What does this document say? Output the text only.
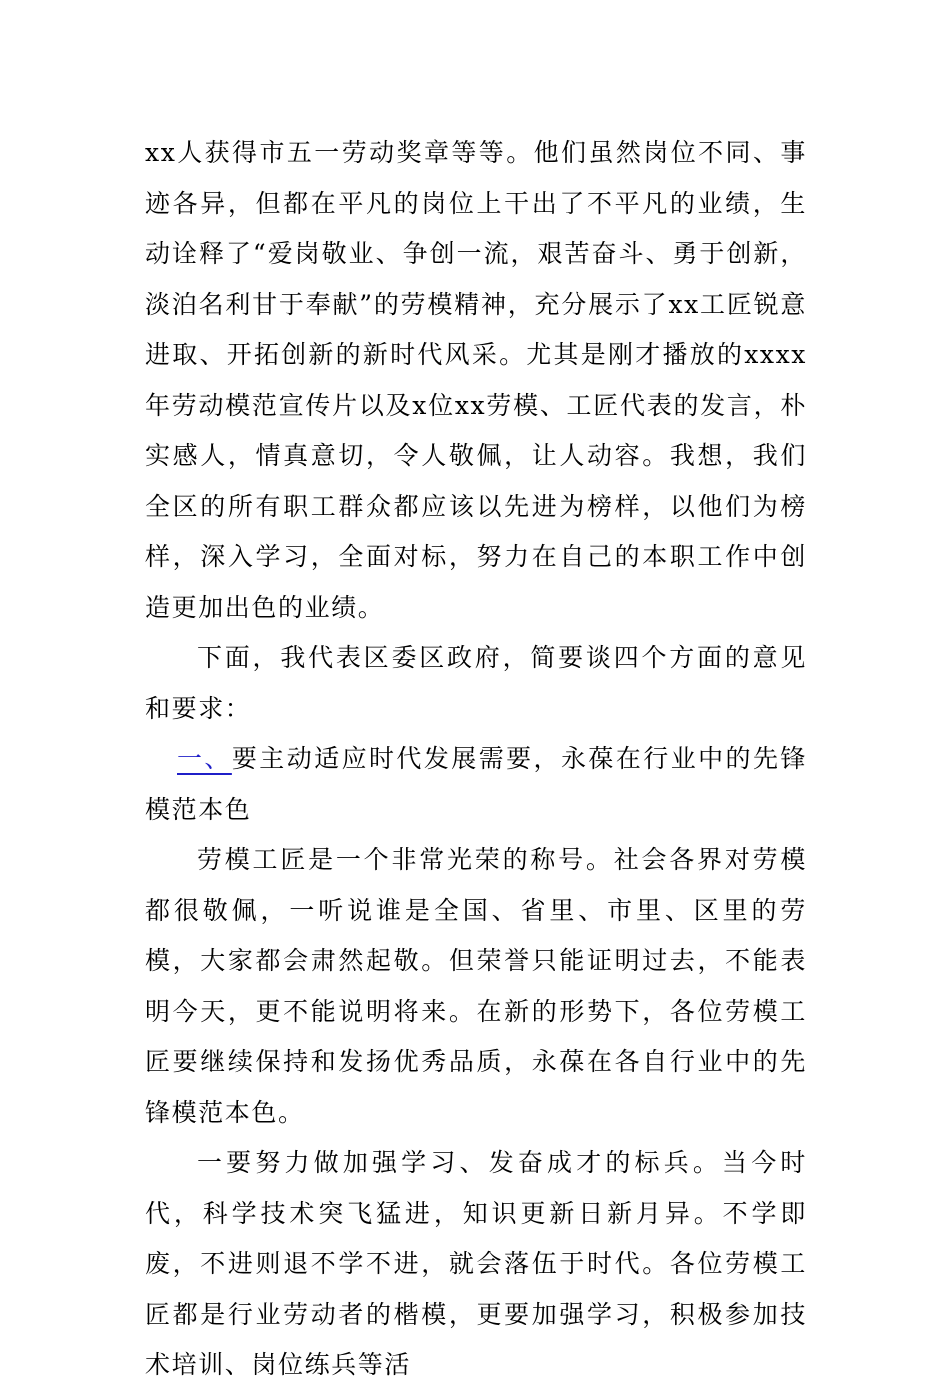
xx人获得市五一劳动奖章等等。他们虽然岗位不同、事迹各异，但都在平凡的岗位上干出了不平凡的业绩，生动诠释了“爱岗敬业、争创一流，艰苦奋斗、勇于创新，淡泊名利甘于奉献”的劳模精神，充分展示了xx工匠锐意进取、开拓创新的新时代风采。尤其是刚才播放的xxxx年劳动模范宣传片以及x位xx劳模、工匠代表的发言，朴实感人，情真意切，令人敬佩，让人动容。我想，我们全区的所有职工群众都应该以先进为榜样，以他们为榜样，深入学习，全面对标，努力在自己的本职工作中创造更加出色的业绩。

下面，我代表区委区政府，简要谈四个方面的意见和要求：

一、要主动适应时代发展需要，永葆在行业中的先锋模范本色

劳模工匠是一个非常光荣的称号。社会各界对劳模都很敬佩，一听说谁是全国、省里、市里、区里的劳模，大家都会肃然起敬。但荣誉只能证明过去，不能表明今天，更不能说明将来。在新的形势下，各位劳模工匠要继续保持和发扬优秀品质，永葆在各自行业中的先锋模范本色。

一要努力做加强学习、发奋成才的标兵。当今时代，科学技术突飞猛进，知识更新日新月异。不学即废，不进则退不学不进，就会落伍于时代。各位劳模工匠都是行业劳动者的楷模，更要加强学习，积极参加技术培训、岗位练兵等活
